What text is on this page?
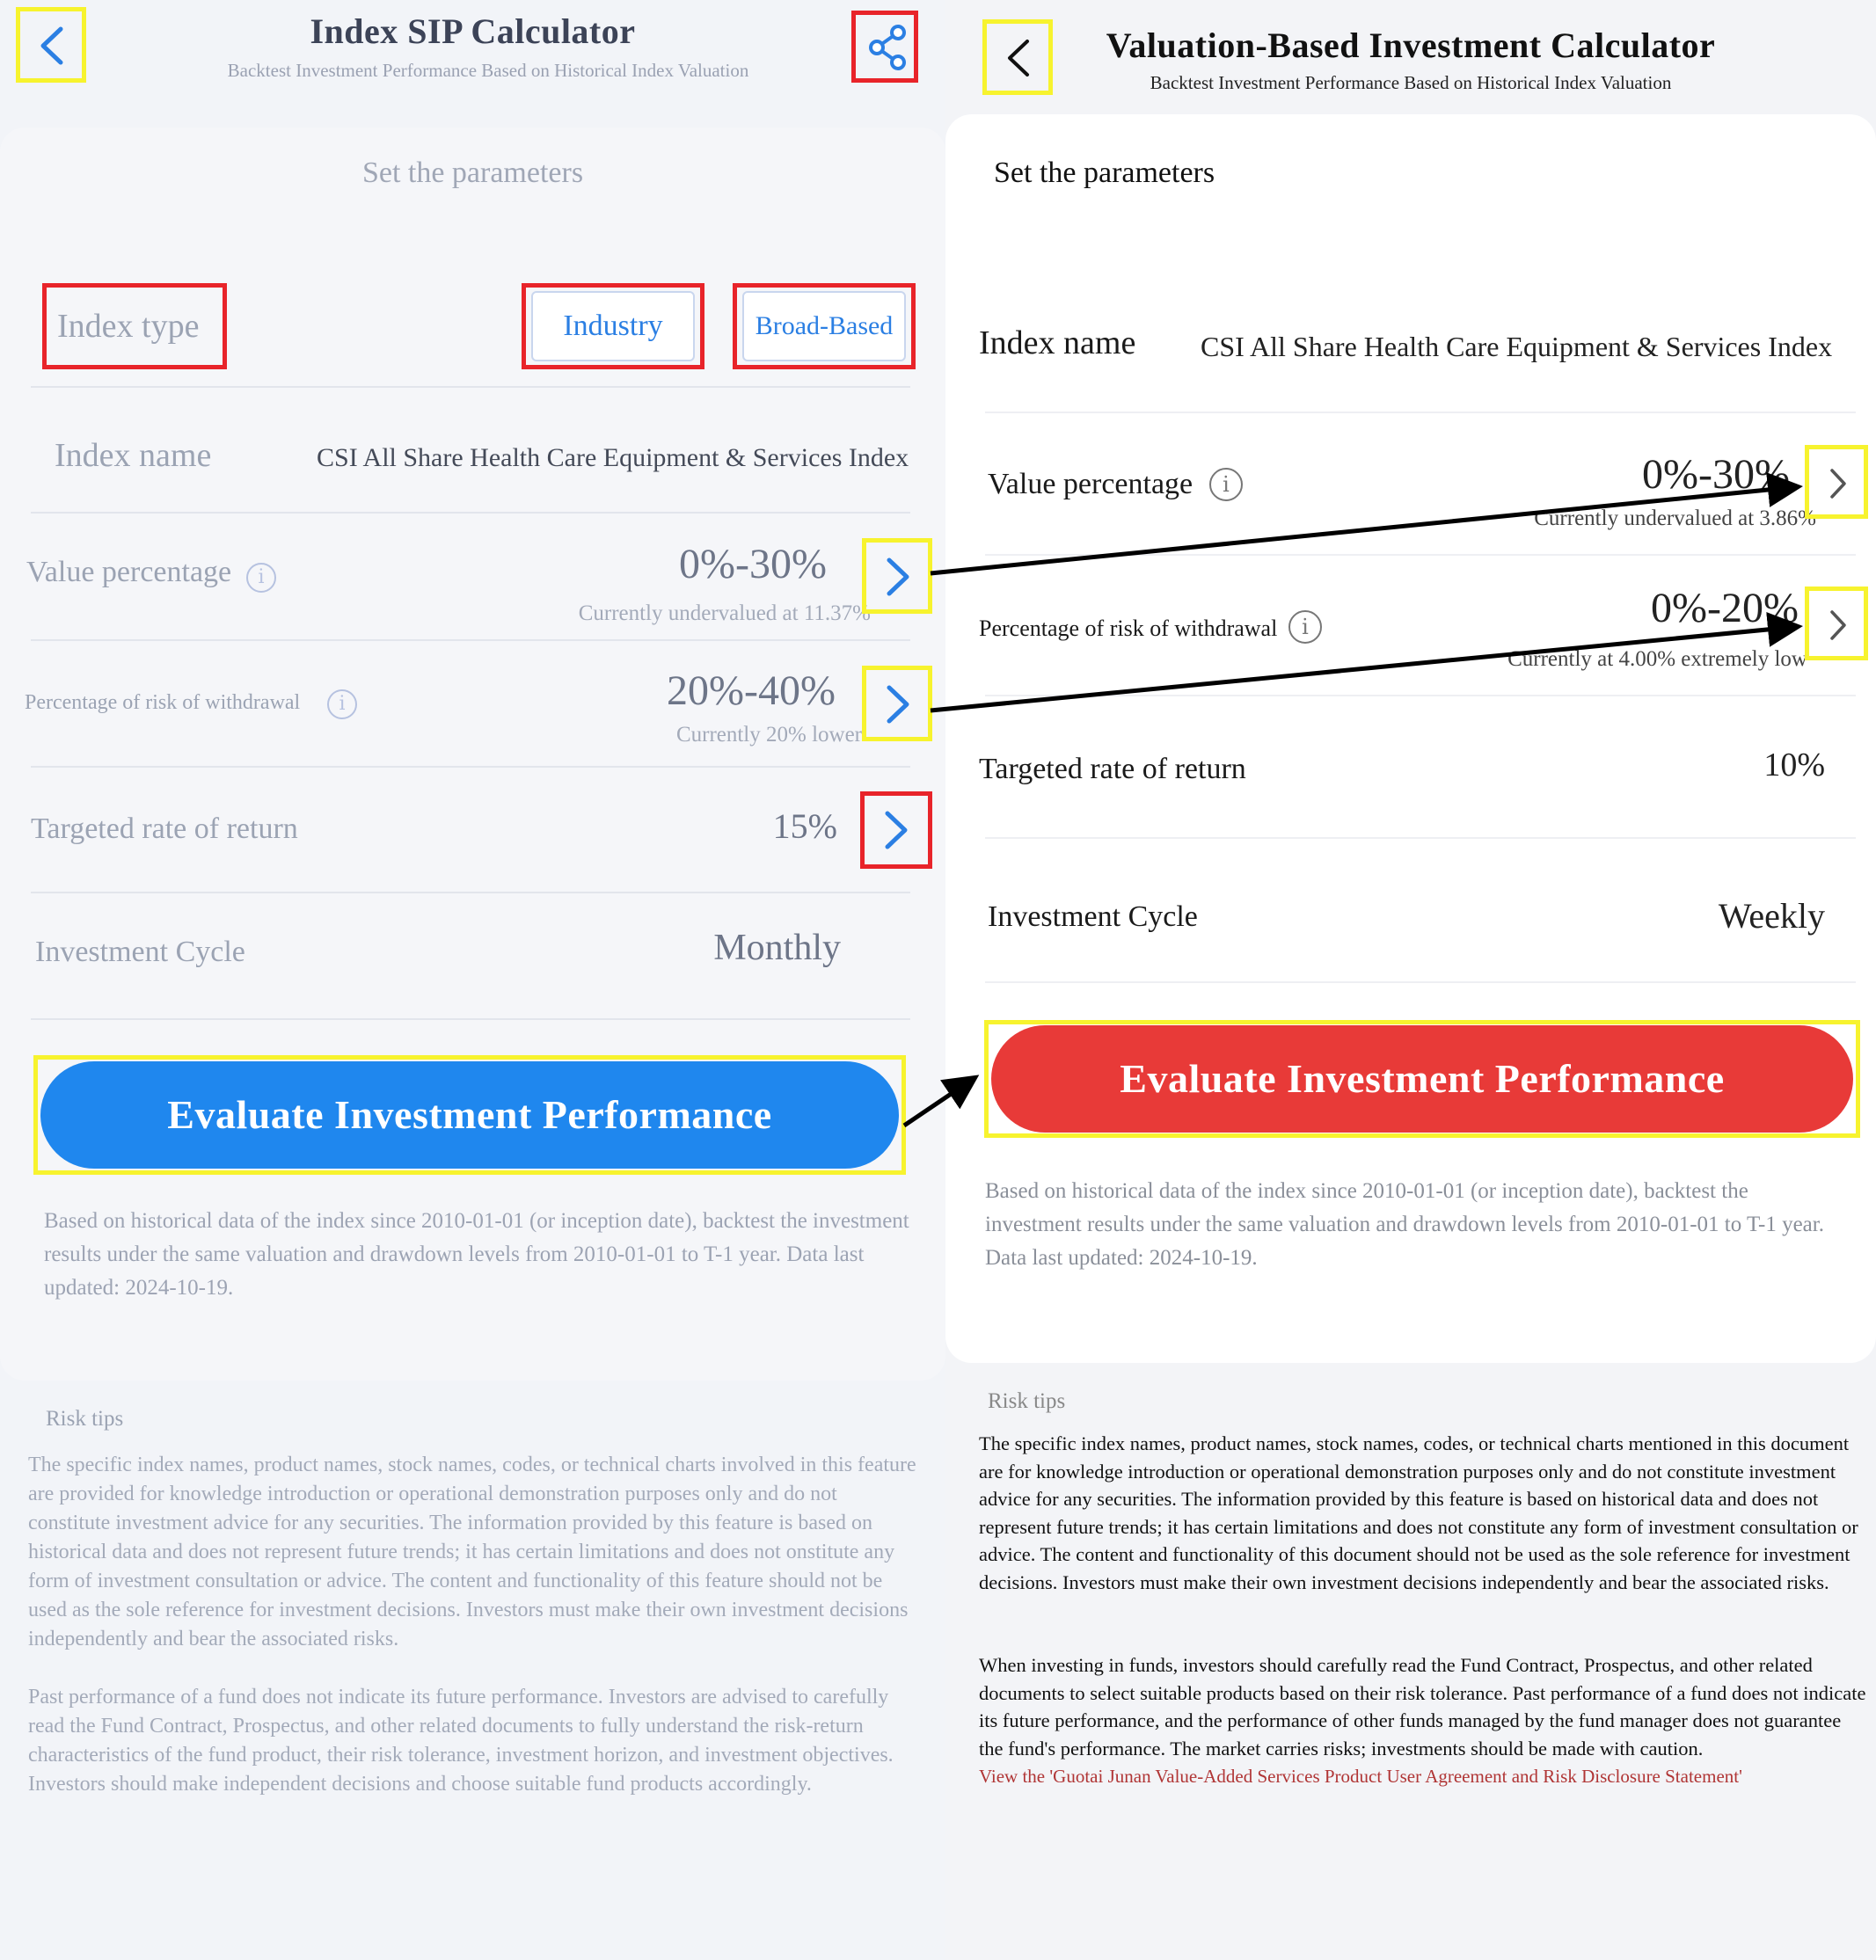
Index SIP Calculator
Backtest Investment Performance Based on Historical Index Valuation
Set the parameters
Index type	Industry	Broad-Based
Index name	CSI All Share Health Care Equipment & Services Index
Value percentage	i	0%-30%
Currently undervalued at 11.37%
Percentage of risk of withdrawal	i	20%-40%
Currently 20% lower
Targeted rate of return	15%
Investment Cycle	Monthly
Evaluate Investment Performance
Based on historical data of the index since 2010-01-01 (or inception date), backtest the investment results under the same valuation and drawdown levels from 2010-01-01 to T-1 year. Data last updated: 2024-10-19.
Risk tips
The specific index names, product names, stock names, codes, or technical charts involved in this feature are provided for knowledge introduction or operational demonstration purposes only and do not constitute investment advice for any securities. The information provided by this feature is based on historical data and does not represent future trends; it has certain limitations and does not onstitute any form of investment consultation or advice. The content and functionality of this feature should not be used as the sole reference for investment decisions. Investors must make their own investment decisions independently and bear the associated risks.
Past performance of a fund does not indicate its future performance. Investors are advised to carefully read the Fund Contract, Prospectus, and other related documents to fully understand the risk-return characteristics of the fund product, their risk tolerance, investment horizon, and investment objectives. Investors should make independent decisions and choose suitable fund products accordingly.
Valuation-Based Investment Calculator
Backtest Investment Performance Based on Historical Index Valuation
Set the parameters
Index name CSI All Share Health Care Equipment & Services Index
Value percentage	i	0%-30%
Currently undervalued at 3.86%
Percentage of risk of withdrawal	i	0%-20%
Currently at 4.00% extremely low
Targeted rate of return	10%
Investment Cycle	Weekly
Evaluate Investment Performance
Based on historical data of the index since 2010-01-01 (or inception date), backtest the investment results under the same valuation and drawdown levels from 2010-01-01 to T-1 year. Data last updated: 2024-10-19.
Risk tips
The specific index names, product names, stock names, codes, or technical charts mentioned in this document are for knowledge introduction or operational demonstration purposes only and do not constitute investment advice for any securities. The information provided by this feature is based on historical data and does not represent future trends; it has certain limitations and does not constitute any form of investment consultation or advice. The content and functionality of this document should not be used as the sole reference for investment decisions. Investors must make their own investment decisions independently and bear the associated risks.
When investing in funds, investors should carefully read the Fund Contract, Prospectus, and other related documents to select suitable products based on their risk tolerance. Past performance of a fund does not indicate its future performance, and the performance of other funds managed by the fund manager does not guarantee the fund's performance. The market carries risks; investments should be made with caution.
View the 'Guotai Junan Value-Added Services Product User Agreement and Risk Disclosure Statement'
